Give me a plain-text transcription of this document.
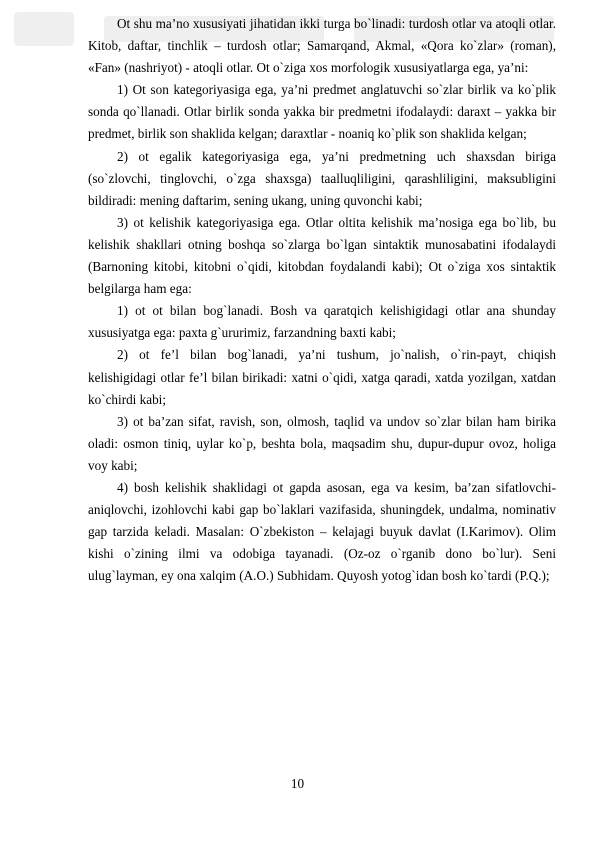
Ot shu ma’no xususiyati jihatidan ikki turga bo`linadi: turdosh otlar va atoqli otlar. Kitob, daftar, tinchlik – turdosh otlar; Samarqand, Akmal, «Qora ko`zlar» (roman), «Fan» (nashriyot) - atoqli otlar. Ot o`ziga xos morfologik xususiyatlarga ega, ya’ni:

1) Ot son kategoriyasiga ega, ya’ni predmet anglatuvchi so`zlar birlik va ko`plik sonda qo`llanadi. Otlar birlik sonda yakka bir predmetni ifodalaydi: daraxt – yakka bir predmet, birlik son shaklida kelgan; daraxtlar - noaniq ko`plik son shaklida kelgan;

2) ot egalik kategoriyasiga ega, ya’ni predmetning uch shaxsdan biriga (so`zlovchi, tinglovchi, o`zga shaxsga) taalluqliligini, qarashliligini, maksubligini bildiradi: mening daftarim, sening ukang, uning quvonchi kabi;

3) ot kelishik kategoriyasiga ega. Otlar oltita kelishik ma’nosiga ega bo`lib, bu kelishik shakllari otning boshqa so`zlarga bo`lgan sintaktik munosabatini ifodalaydi (Barnoning kitobi, kitobni o`qidi, kitobdan foydalandi kabi); Ot o`ziga xos sintaktik belgilarga ham ega:

1) ot ot bilan bog`lanadi. Bosh va qaratqich kelishigidagi otlar ana shunday xususiyatga ega: paxta g`ururimiz, farzandning baxti kabi;

2) ot fe’l bilan bog`lanadi, ya’ni tushum, jo`nalish, o`rin-payt, chiqish kelishigidagi otlar fe’l bilan birikadi: xatni o`qidi, xatga qaradi, xatda yozilgan, xatdan ko`chirdi kabi;

3) ot ba’zan sifat, ravish, son, olmosh, taqlid va undov so`zlar bilan ham birika oladi: osmon tiniq, uylar ko`p, beshta bola, maqsadim shu, dupur-dupur ovoz, holiga voy kabi;

4) bosh kelishik shaklidagi ot gapda asosan, ega va kesim, ba’zan sifatlovchi-aniqlovchi, izohlovchi kabi gap bo`laklari vazifasida, shuningdek, undalma, nominativ gap tarzida keladi. Masalan: O`zbekiston – kelajagi buyuk davlat (I.Karimov). Olim kishi o`zining ilmi va odobiga tayanadi. (Oz-oz o`rganib dono bo`lur). Seni ulug`layman, ey ona xalqim (A.O.) Subhidam. Quyosh yotog`idan bosh ko`tardi (P.Q.);

10
